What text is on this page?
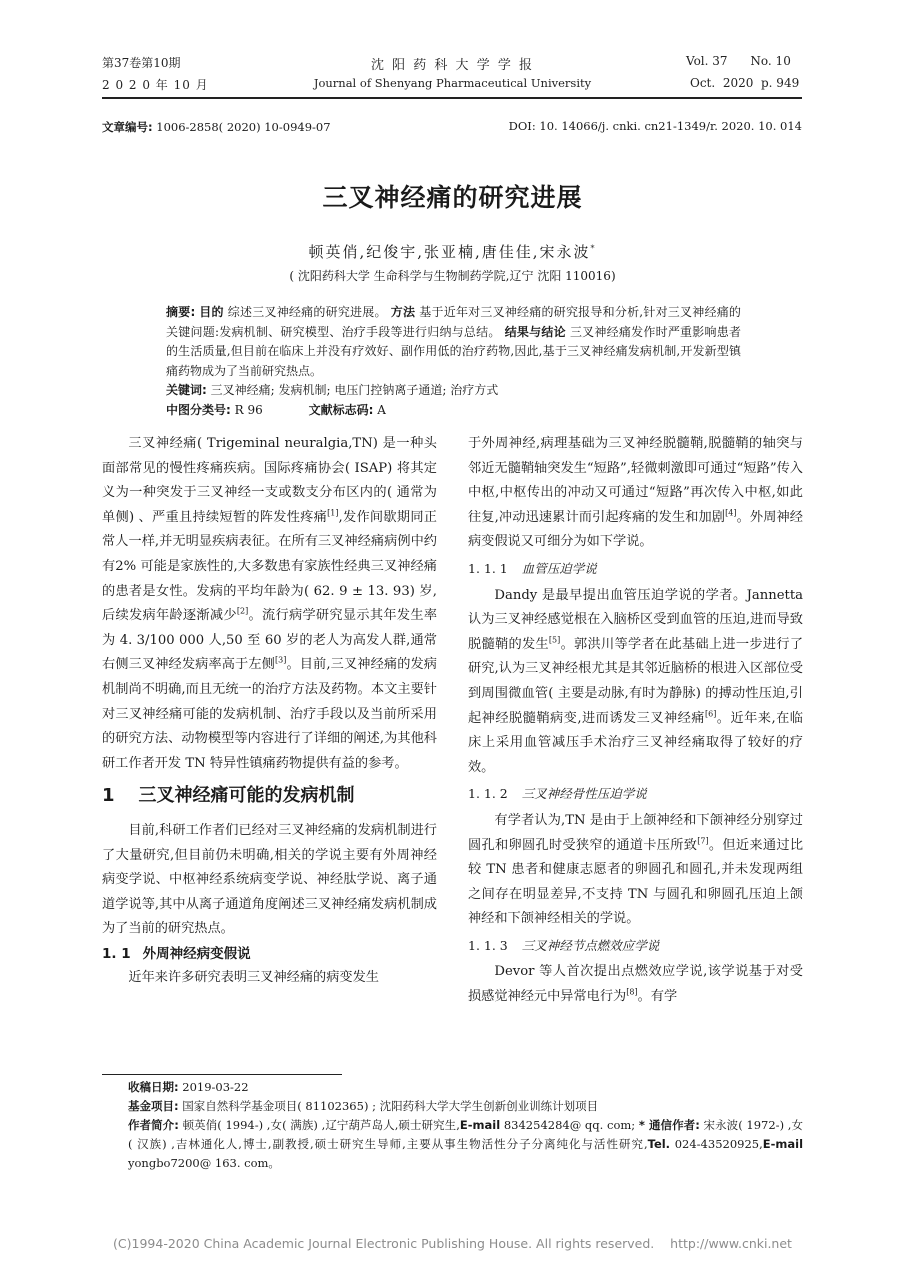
第37卷第10期
2 0 2 0 年 10 月
沈 阳 药 科 大 学 学 报
Journal of Shenyang Pharmaceutical University
Vol. 37      No. 10
Oct.  2020  p. 949
文章编号: 1006-2858( 2020) 10-0949-07	DOI: 10. 14066/j. cnki. cn21-1349/r. 2020. 10. 014
三叉神经痛的研究进展
顿英俏,纪俊宇,张亚楠,唐佳佳,宋永波*
( 沈阳药科大学 生命科学与生物制药学院,辽宁 沈阳 110016)
摘要: 目的 综述三叉神经痛的研究进展。 方法 基于近年对三叉神经痛的研究报导和分析,针对三叉神经痛的关键问题:发病机制、研究模型、治疗手段等进行归纳与总结。 结果与结论 三叉神经痛发作时严重影响患者的生活质量,但目前在临床上并没有疗效好、副作用低的治疗药物,因此,基于三叉神经痛发病机制,开发新型镇痛药物成为了当前研究热点。
关键词: 三叉神经痛; 发病机制; 电压门控钠离子通道; 治疗方式
中图分类号: R 96	文献标志码: A

三叉神经痛( Trigeminal neuralgia,TN) 是一种头面部常见的慢性疼痛疾病。国际疼痛协会( ISAP) 将其定义为一种突发于三叉神经一支或数支分布区内的( 通常为单侧) 、严重且持续短暂的阵发性疼痛[1],发作间歇期同正常人一样,并无明显疾病表征。在所有三叉神经痛病例中约有2% 可能是家族性的,大多数患有家族性经典三叉神经痛的患者是女性。发病的平均年龄为( 62. 9 ± 13. 93) 岁,后续发病年龄逐渐减少[2]。流行病学研究显示其年发生率为 4. 3/100 000 人,50 至 60 岁的老人为高发人群,通常右侧三叉神经发病率高于左侧[3]。目前,三叉神经痛的发病机制尚不明确,而且无统一的治疗方法及药物。本文主要针对三叉神经痛可能的发病机制、治疗手段以及当前所采用的研究方法、动物模型等内容进行了详细的阐述,为其他科研工作者开发 TN 特异性镇痛药物提供有益的参考。

1 三叉神经痛可能的发病机制

目前,科研工作者们已经对三叉神经痛的发病机制进行了大量研究,但目前仍未明确,相关的学说主要有外周神经病变学说、中枢神经系统病变学说、神经肽学说、离子通道学说等,其中从离子通道角度阐述三叉神经痛发病机制成为了当前的研究热点。

1. 1 外周神经病变假说

近年来许多研究表明三叉神经痛的病变发生

于外周神经,病理基础为三叉神经脱髓鞘,脱髓鞘的轴突与邻近无髓鞘轴突发生“短路”,轻微刺激即可通过“短路”传入中枢,中枢传出的冲动又可通过“短路”再次传入中枢,如此往复,冲动迅速累计而引起疼痛的发生和加剧[4]。外周神经病变假说又可细分为如下学说。

1. 1. 1 血管压迫学说

Dandy 是最早提出血管压迫学说的学者。Jannetta 认为三叉神经感觉根在入脑桥区受到血管的压迫,进而导致脱髓鞘的发生[5]。郭洪川等学者在此基础上进一步进行了研究,认为三叉神经根尤其是其邻近脑桥的根进入区部位受到周围微血管( 主要是动脉,有时为静脉) 的搏动性压迫,引起神经脱髓鞘病变,进而诱发三叉神经痛[6]。近年来,在临床上采用血管减压手术治疗三叉神经痛取得了较好的疗效。

1. 1. 2 三叉神经骨性压迫学说

有学者认为,TN 是由于上颌神经和下颌神经分别穿过圆孔和卵圆孔时受狭窄的通道卡压所致[7]。但近来通过比较 TN 患者和健康志愿者的卵圆孔和圆孔,并未发现两组之间存在明显差异,不支持 TN 与圆孔和卵圆孔压迫上颌神经和下颌神经相关的学说。

1. 1. 3 三叉神经节点燃效应学说

Devor 等人首次提出点燃效应学说,该学说基于对受损感觉神经元中异常电行为[8]。有学

收稿日期: 2019-03-22
基金项目: 国家自然科学基金项目( 81102365) ; 沈阳药科大学大学生创新创业训练计划项目
作者简介: 顿英俏( 1994-) ,女( 满族) ,辽宁葫芦岛人,硕士研究生,E-mail 834254284@ qq. com; * 通信作者: 宋永波( 1972-) ,女( 汉族) ,吉林通化人,博士,副教授,硕士研究生导师,主要从事生物活性分子分离纯化与活性研究,Tel. 024-43520925,E-mail yongbo7200@ 163. com。
(C)1994-2020 China Academic Journal Electronic Publishing House. All rights reserved.    http://www.cnki.net
